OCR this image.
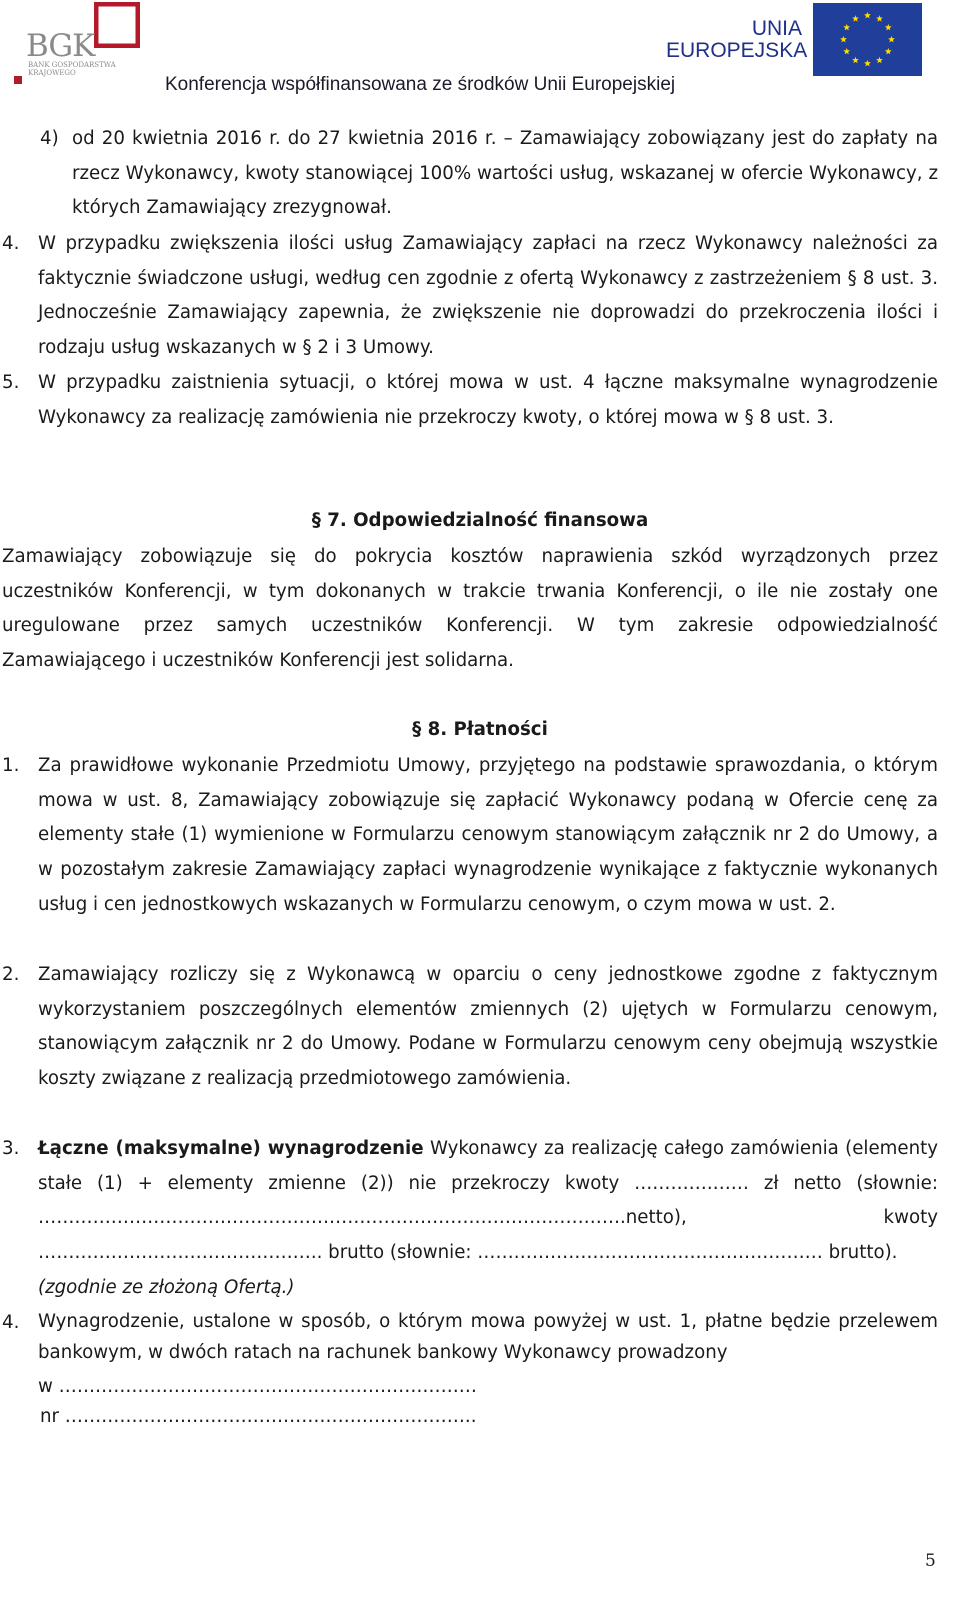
BGK
BANK GOSPODARSTWA KRAJOWEGO
UNIA
EUROPEJSKA
Konferencja współfinansowana ze środków Unii Europejskiej
4) od 20 kwietnia 2016 r. do 27 kwietnia 2016 r. – Zamawiający zobowiązany jest do zapłaty na rzecz Wykonawcy, kwoty stanowiącej 100% wartości usług, wskazanej w ofercie Wykonawcy, z których Zamawiający zrezygnował.
4. W przypadku zwiększenia ilości usług Zamawiający zapłaci na rzecz Wykonawcy należności za faktycznie świadczone usługi, według cen zgodnie z ofertą Wykonawcy z zastrzeżeniem § 8 ust. 3. Jednocześnie Zamawiający zapewnia, że zwiększenie nie doprowadzi do przekroczenia ilości i rodzaju usług wskazanych w § 2 i 3 Umowy.
5. W przypadku zaistnienia sytuacji, o której mowa w ust. 4 łączne maksymalne wynagrodzenie Wykonawcy za realizację zamówienia nie przekroczy kwoty, o której mowa w § 8 ust. 3.
§ 7. Odpowiedzialność finansowa
Zamawiający zobowiązuje się do pokrycia kosztów naprawienia szkód wyrządzonych przez uczestników Konferencji, w tym dokonanych w trakcie trwania Konferencji, o ile nie zostały one uregulowane przez samych uczestników Konferencji. W tym zakresie odpowiedzialność Zamawiającego i uczestników Konferencji jest solidarna.
§ 8. Płatności
1. Za prawidłowe wykonanie Przedmiotu Umowy, przyjętego na podstawie sprawozdania, o którym mowa w ust. 8, Zamawiający zobowiązuje się zapłacić Wykonawcy podaną w Ofercie cenę za elementy stałe (1) wymienione w Formularzu cenowym stanowiącym załącznik nr 2 do Umowy, a w pozostałym zakresie Zamawiający zapłaci wynagrodzenie wynikające z faktycznie wykonanych usług i cen jednostkowych wskazanych w Formularzu cenowym, o czym mowa w ust. 2.
2. Zamawiający rozliczy się z Wykonawcą w oparciu o ceny jednostkowe zgodne z faktycznym wykorzystaniem poszczególnych elementów zmiennych (2) ujętych w Formularzu cenowym, stanowiącym załącznik nr 2 do Umowy. Podane w Formularzu cenowym ceny obejmują wszystkie koszty związane z realizacją przedmiotowego zamówienia.
3. Łączne (maksymalne) wynagrodzenie Wykonawcy za realizację całego zamówienia (elementy stałe (1) + elementy zmienne (2)) nie przekroczy kwoty ………….…… zł netto (słownie: …………………………………………………………………………………….netto), kwoty ……………………………………….. brutto (słownie: ………………………………………………… brutto).
(zgodnie ze złożoną Ofertą.)
4. Wynagrodzenie, ustalone w sposób, o którym mowa powyżej w ust. 1, płatne będzie przelewem bankowym, w dwóch ratach na rachunek bankowy Wykonawcy prowadzony
w ……………………………………………………………
nr …………………………………………………………..
5
